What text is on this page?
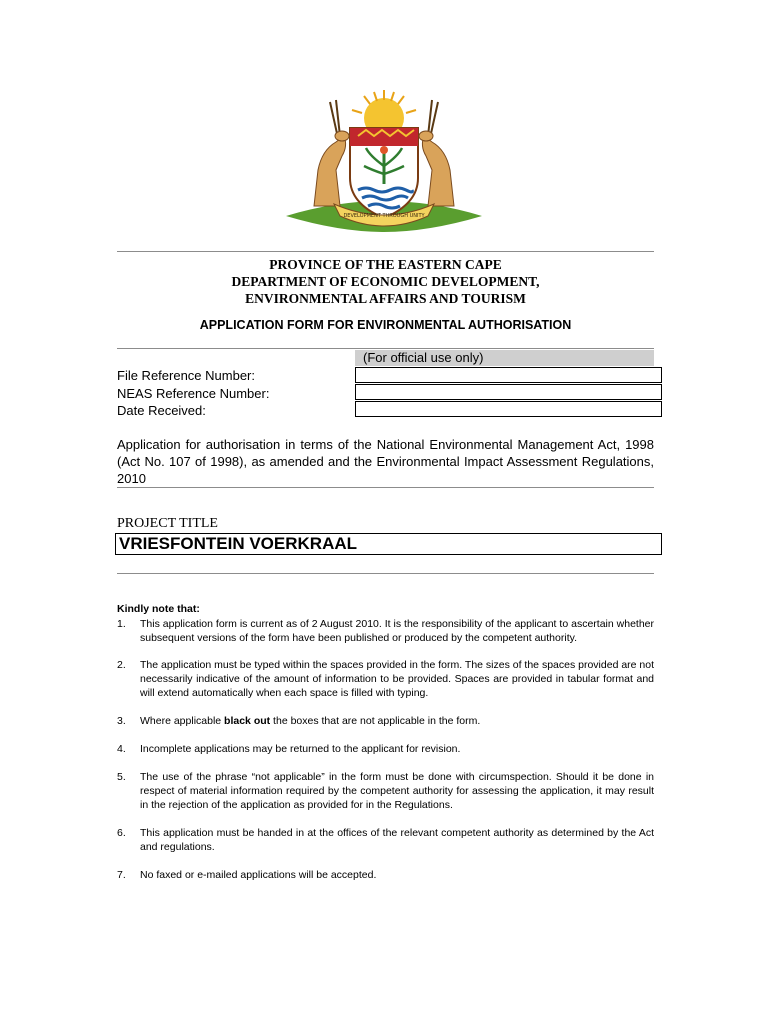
DEVELOPMENT THROUGH UNITY
PROVINCE OF THE EASTERN CAPE
DEPARTMENT OF ECONOMIC DEVELOPMENT,
ENVIRONMENTAL AFFAIRS AND TOURISM
APPLICATION FORM FOR ENVIRONMENTAL AUTHORISATION
(For official use only)
File Reference Number:
NEAS Reference Number:
Date Received:
Application for authorisation in terms of the National Environmental Management Act, 1998 (Act No. 107 of 1998), as amended and the Environmental Impact Assessment Regulations, 2010
PROJECT TITLE
VRIESFONTEIN VOERKRAAL
Kindly note that:
1. This application form is current as of 2 August 2010. It is the responsibility of the applicant to ascertain whether subsequent versions of the form have been published or produced by the competent authority.
2. The application must be typed within the spaces provided in the form. The sizes of the spaces provided are not necessarily indicative of the amount of information to be provided. Spaces are provided in tabular format and will extend automatically when each space is filled with typing.
3. Where applicable black out the boxes that are not applicable in the form.
4. Incomplete applications may be returned to the applicant for revision.
5. The use of the phrase “not applicable” in the form must be done with circumspection. Should it be done in respect of material information required by the competent authority for assessing the application, it may result in the rejection of the application as provided for in the Regulations.
6. This application must be handed in at the offices of the relevant competent authority as determined by the Act and regulations.
7. No faxed or e-mailed applications will be accepted.
